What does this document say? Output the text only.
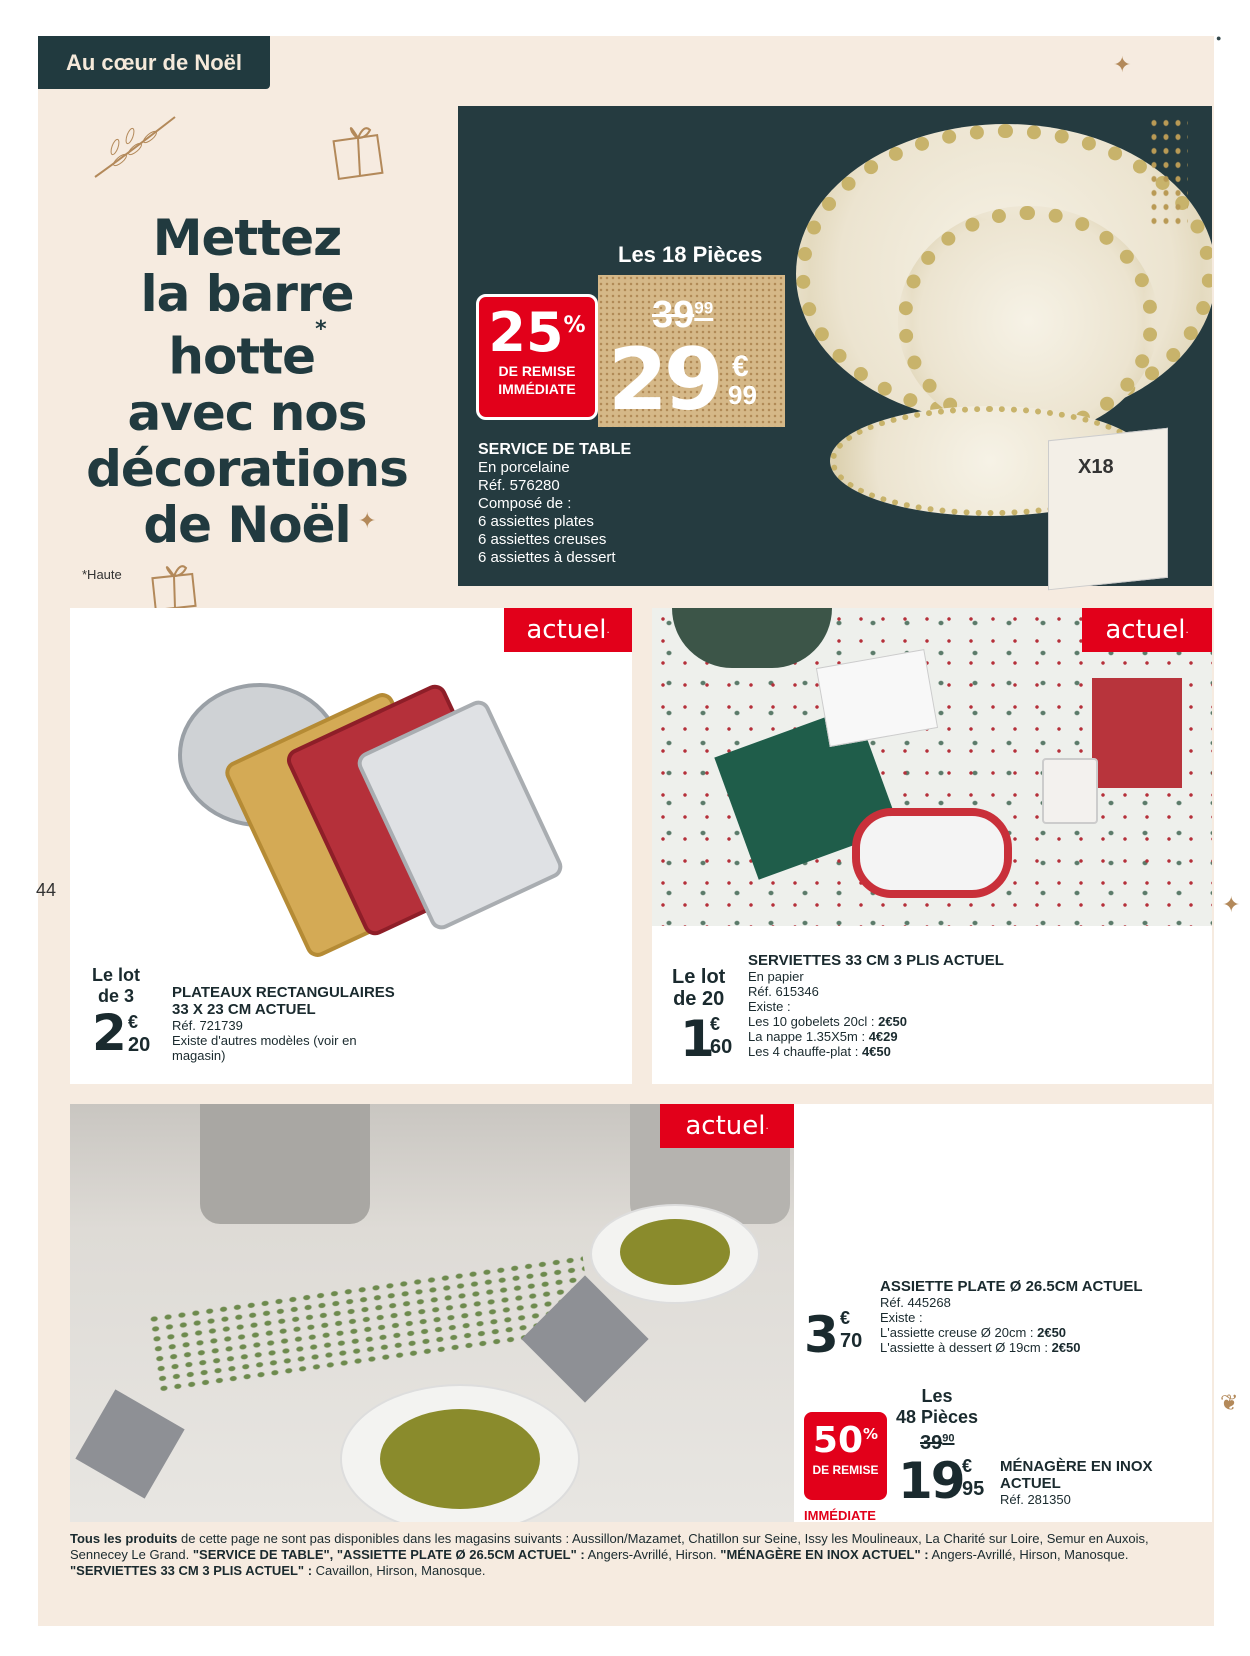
Au cœur de Noël
●
✦
✦
✦
❦
Mettez
la barre hotte*
avec nos
décorations
de Noël
*Haute
44
X18
Les 18 Pièces
$39^{99}$
29 €
99
25%
DE REMISE
IMMÉDIATE
SERVICE DE TABLE
En porcelaine
Réf. 576280
Composé de :
6 assiettes plates
6 assiettes creuses
6 assiettes à dessert
actuel .
Le lot
de 3
2 €
20
PLATEAUX RECTANGULAIRES
33 X 23 CM ACTUEL
Réf. 721739
Existe d'autres modèles (voir en
magasin)
actuel .
Le lot
de 20
1
€
60
SERVIETTES 33 CM 3 PLIS ACTUEL
En papier
Réf. 615346
Existe :
Les 10 gobelets 20cl : 2€50
La nappe 1.35X5m : 4€29
Les 4 chauffe-plat : 4€50
actuel .
3 €
70
ASSIETTE PLATE Ø 26.5CM ACTUEL
Réf. 445268
Existe :
L'assiette creuse Ø 20cm : 2€50
L'assiette à dessert Ø 19cm : 2€50
Les
48 Pièces
50%
DE REMISE
IMMÉDIATE
$39^{90}$
19
€
95
MÉNAGÈRE EN INOX
ACTUEL
Réf. 281350
Tous les produits de cette page ne sont pas disponibles dans les magasins suivants : Aussillon/Mazamet, Chatillon sur Seine, Issy les Moulineaux, La Charité sur Loire, Semur en Auxois, Sennecey Le Grand. "SERVICE DE TABLE", "ASSIETTE PLATE Ø 26.5CM ACTUEL" : Angers-Avrillé, Hirson. "MÉNAGÈRE EN INOX ACTUEL" : Angers-Avrillé, Hirson, Manosque. "SERVIETTES 33 CM 3 PLIS ACTUEL" : Cavaillon, Hirson, Manosque.
